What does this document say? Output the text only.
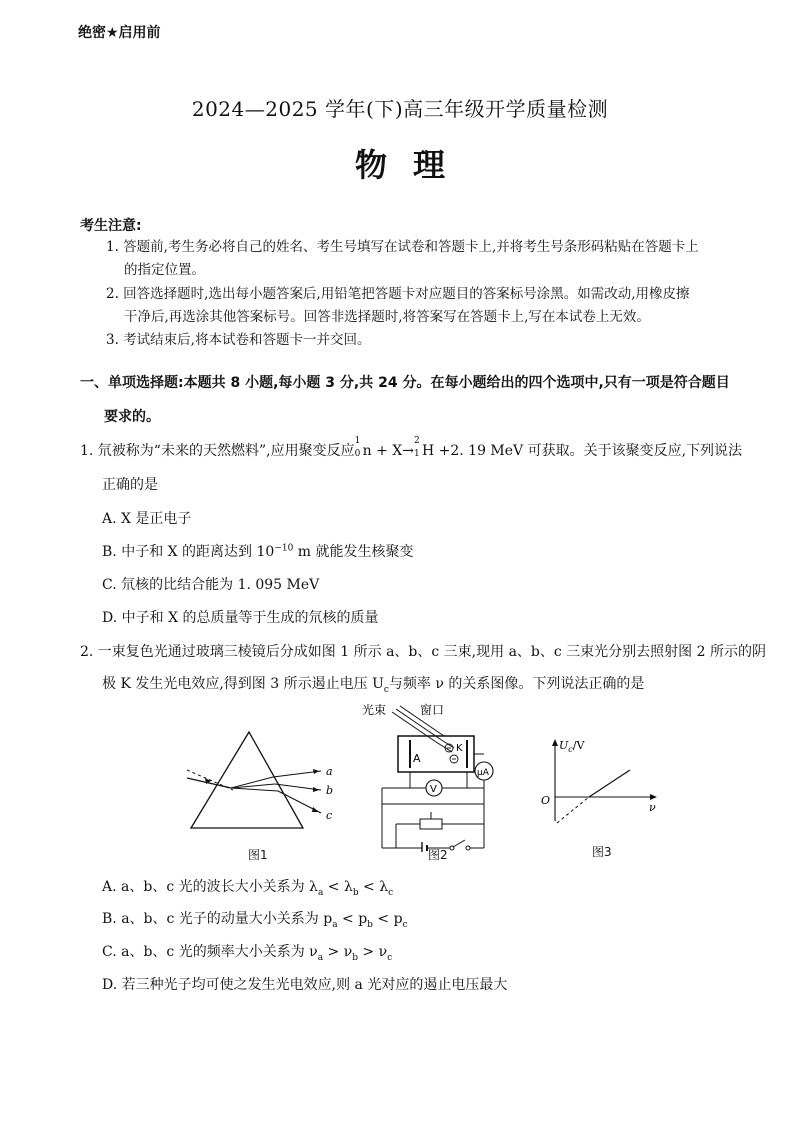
绝密★启用前
2024—2025 学年(下)高三年级开学质量检测
物理
考生注意:
1. 答题前,考生务必将自己的姓名、考生号填写在试卷和答题卡上,并将考生号条形码粘贴在答题卡上
的指定位置。
2. 回答选择题时,选出每小题答案后,用铅笔把答题卡对应题目的答案标号涂黑。如需改动,用橡皮擦
干净后,再选涂其他答案标号。回答非选择题时,将答案写在答题卡上,写在本试卷上无效。
3. 考试结束后,将本试卷和答题卡一并交回。
一、单项选择题:本题共 8 小题,每小题 3 分,共 24 分。在每小题给出的四个选项中,只有一项是符合题目
要求的。
1. 氘被称为“未来的天然燃料”,应用聚变反应
1
0 n + X→
2
1 H +2. 19 MeV 可获取。关于该聚变反应,下列说法
正确的是
A. X 是正电子
B. 中子和 X 的距离达到 $10^{-10}$ m 就能发生核聚变
C. 氘核的比结合能为 1. 095 MeV
D. 中子和 X 的总质量等于生成的氘核的质量
2. 一束复色光通过玻璃三棱镜后分成如图 1 所示 a、b、c 三束,现用 a、b、c 三束光分别去照射图 2 所示的阴
极 K 发生光电效应,得到图 3 所示遏止电压 $U_c$与频率 ν 的关系图像。下列说法正确的是
a
b
c
图1
光束	窗口
A
K
μA
V
图2
$U_c/V$
O
ν
图3
A. a、b、c 光的波长大小关系为 $\lambda_a < \lambda_b < \lambda_c$
B. a、b、c 光子的动量大小关系为 $p_a < p_b < p_c$
C. a、b、c 光的频率大小关系为 $\nu_a > \nu_b > \nu_c$
D. 若三种光子均可使之发生光电效应,则 a 光对应的遏止电压最大
